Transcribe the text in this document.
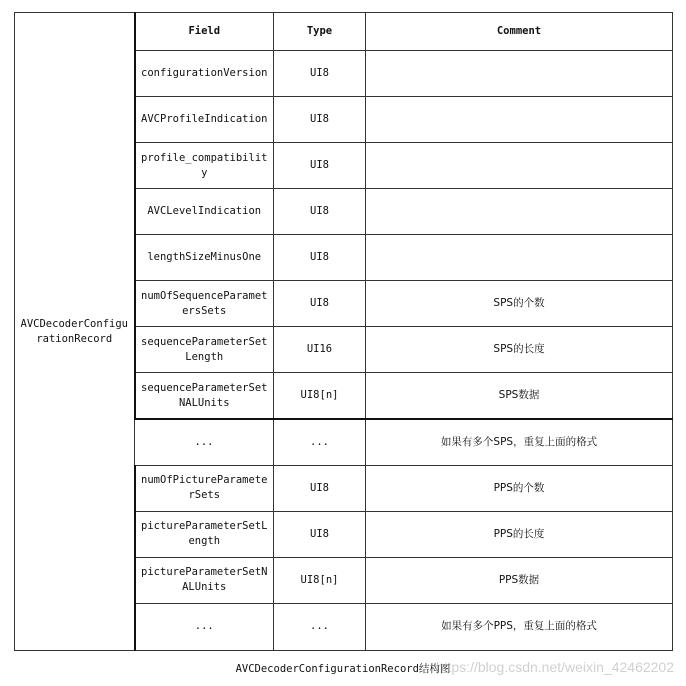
AVCDecoderConfigurationRecord	Field	Type	Comment
	configurationVersion	UI8	
	AVCProfileIndication	UI8	
	profile_compatibility	UI8	
	AVCLevelIndication	UI8	
	lengthSizeMinusOne	UI8	
	numOfSequenceParametersSets	UI8	SPS的个数
	sequenceParameterSetLength	UI16	SPS的长度
	sequenceParameterSetNALUnits	UI8[n]	SPS数据
	...	...	如果有多个SPS，重复上面的格式
	numOfPictureParameterSets	UI8	PPS的个数
	pictureParameterSetLength	UI8	PPS的长度
	pictureParameterSetNALUnits	UI8[n]	PPS数据
	...	...	如果有多个PPS，重复上面的格式
AVCDecoderConfigurationRecord结构图
https://blog.csdn.net/weixin_42462202
